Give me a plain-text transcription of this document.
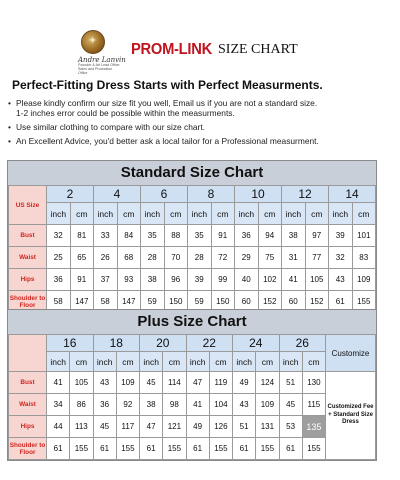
✦
Andre Lanvin
Founder & Art Lead Office Sales and Production Office
PROM-LINK SIZE CHART
Perfect-Fitting Dress Starts with Perfect Measurments.
• Please kindly confirm our size fit you well, Email us if you are not a standard size.
1-2 inches error could be possible within the measurments.
• Use similar clothing to compare with our size chart.
• An Excellent Advice, you'd better ask a local tailor for a Professional measurment.
Standard Size Chart
US Size	2		4		6		8		10		12		14	
	inch	cm	inch	cm	inch	cm	inch	cm	inch	cm	inch	cm	inch	cm
Bust	32	81	33	84	35	88	35	91	36	94	38	97	39	101
Waist	25	65	26	68	28	70	28	72	29	75	31	77	32	83
Hips	36	91	37	93	38	96	39	99	40	102	41	105	43	109
Shoulder to Floor	58	147	58	147	59	150	59	150	60	152	60	152	61	155
Plus Size Chart
	16		18		20		22		24		26		Customize
	inch	cm	inch	cm	inch	cm	inch	cm	inch	cm	inch	cm	
Bust	41	105	43	109	45	114	47	119	49	124	51	130	Customized Fee + Standard Size Dress
Waist	34	86	36	92	38	98	41	104	43	109	45	115	
Hips	44	113	45	117	47	121	49	126	51	131	53	135	
Shoulder to Floor	61	155	61	155	61	155	61	155	61	155	61	155	
